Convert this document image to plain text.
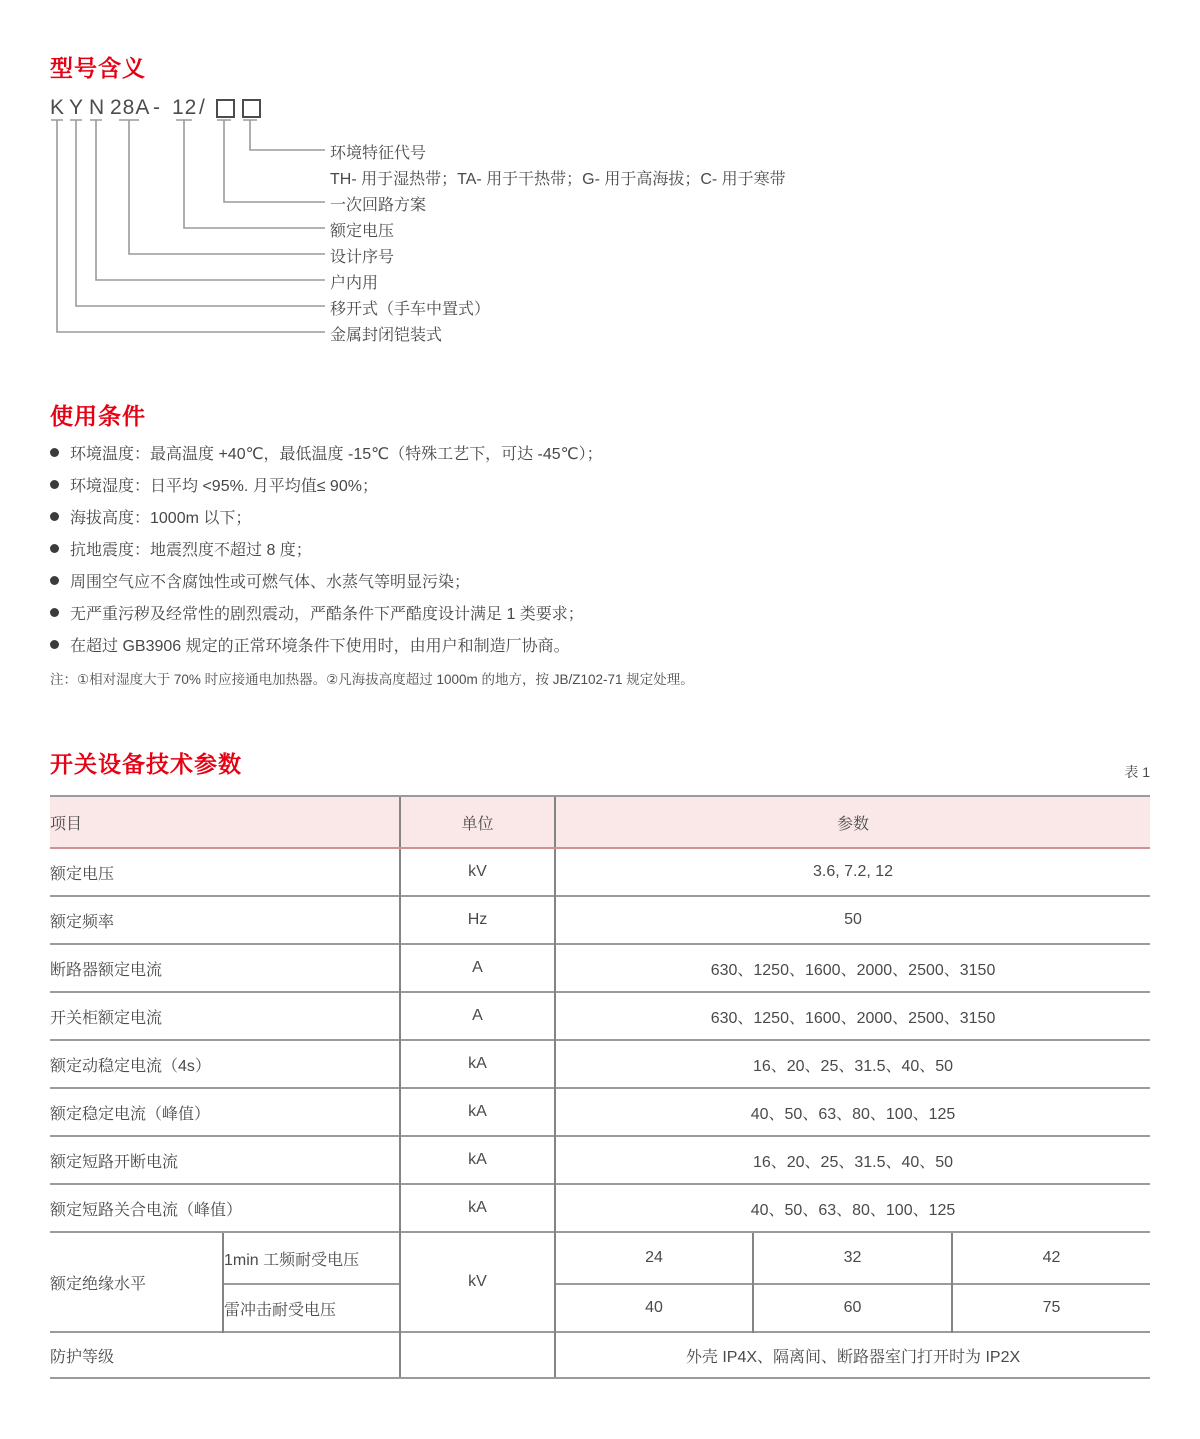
型号含义
K Y N 28A - 12 /
环境特征代号
TH- 用于湿热带；TA- 用于干热带；G- 用于高海拔；C- 用于寒带
一次回路方案
额定电压
设计序号
户内用
移开式（手车中置式）
金属封闭铠装式
使用条件
环境温度：最高温度 +40℃，最低温度 -15℃（特殊工艺下，可达 -45℃）；
环境湿度：日平均 <95%. 月平均值≤ 90%；
海拔高度：1000m 以下；
抗地震度：地震烈度不超过 8 度；
周围空气应不含腐蚀性或可燃气体、水蒸气等明显污染；
无严重污秽及经常性的剧烈震动，严酷条件下严酷度设计满足 1 类要求；
在超过 GB3906 规定的正常环境条件下使用时，由用户和制造厂协商。
注：①相对湿度大于 70% 时应接通电加热器。②凡海拔高度超过 1000m 的地方，按 JB/Z102-71 规定处理。
开关设备技术参数	表 1
项目		单位	参数		
额定电压		kV	3.6, 7.2, 12		
额定频率		Hz	50		
断路器额定电流		A	630、1250、1600、2000、2500、3150		
开关柜额定电流		A	630、1250、1600、2000、2500、3150		
额定动稳定电流（4s）		kA	16、20、25、31.5、40、50		
额定稳定电流（峰值）		kA	40、50、63、80、100、125		
额定短路开断电流		kA	16、20、25、31.5、40、50		
额定短路关合电流（峰值）		kA	40、50、63、80、100、125		
额定绝缘水平	1min 工频耐受电压	kV	24	32	42
	雷冲击耐受电压		40	60	75
防护等级			外壳 IP4X、隔离间、断路器室门打开时为 IP2X		
